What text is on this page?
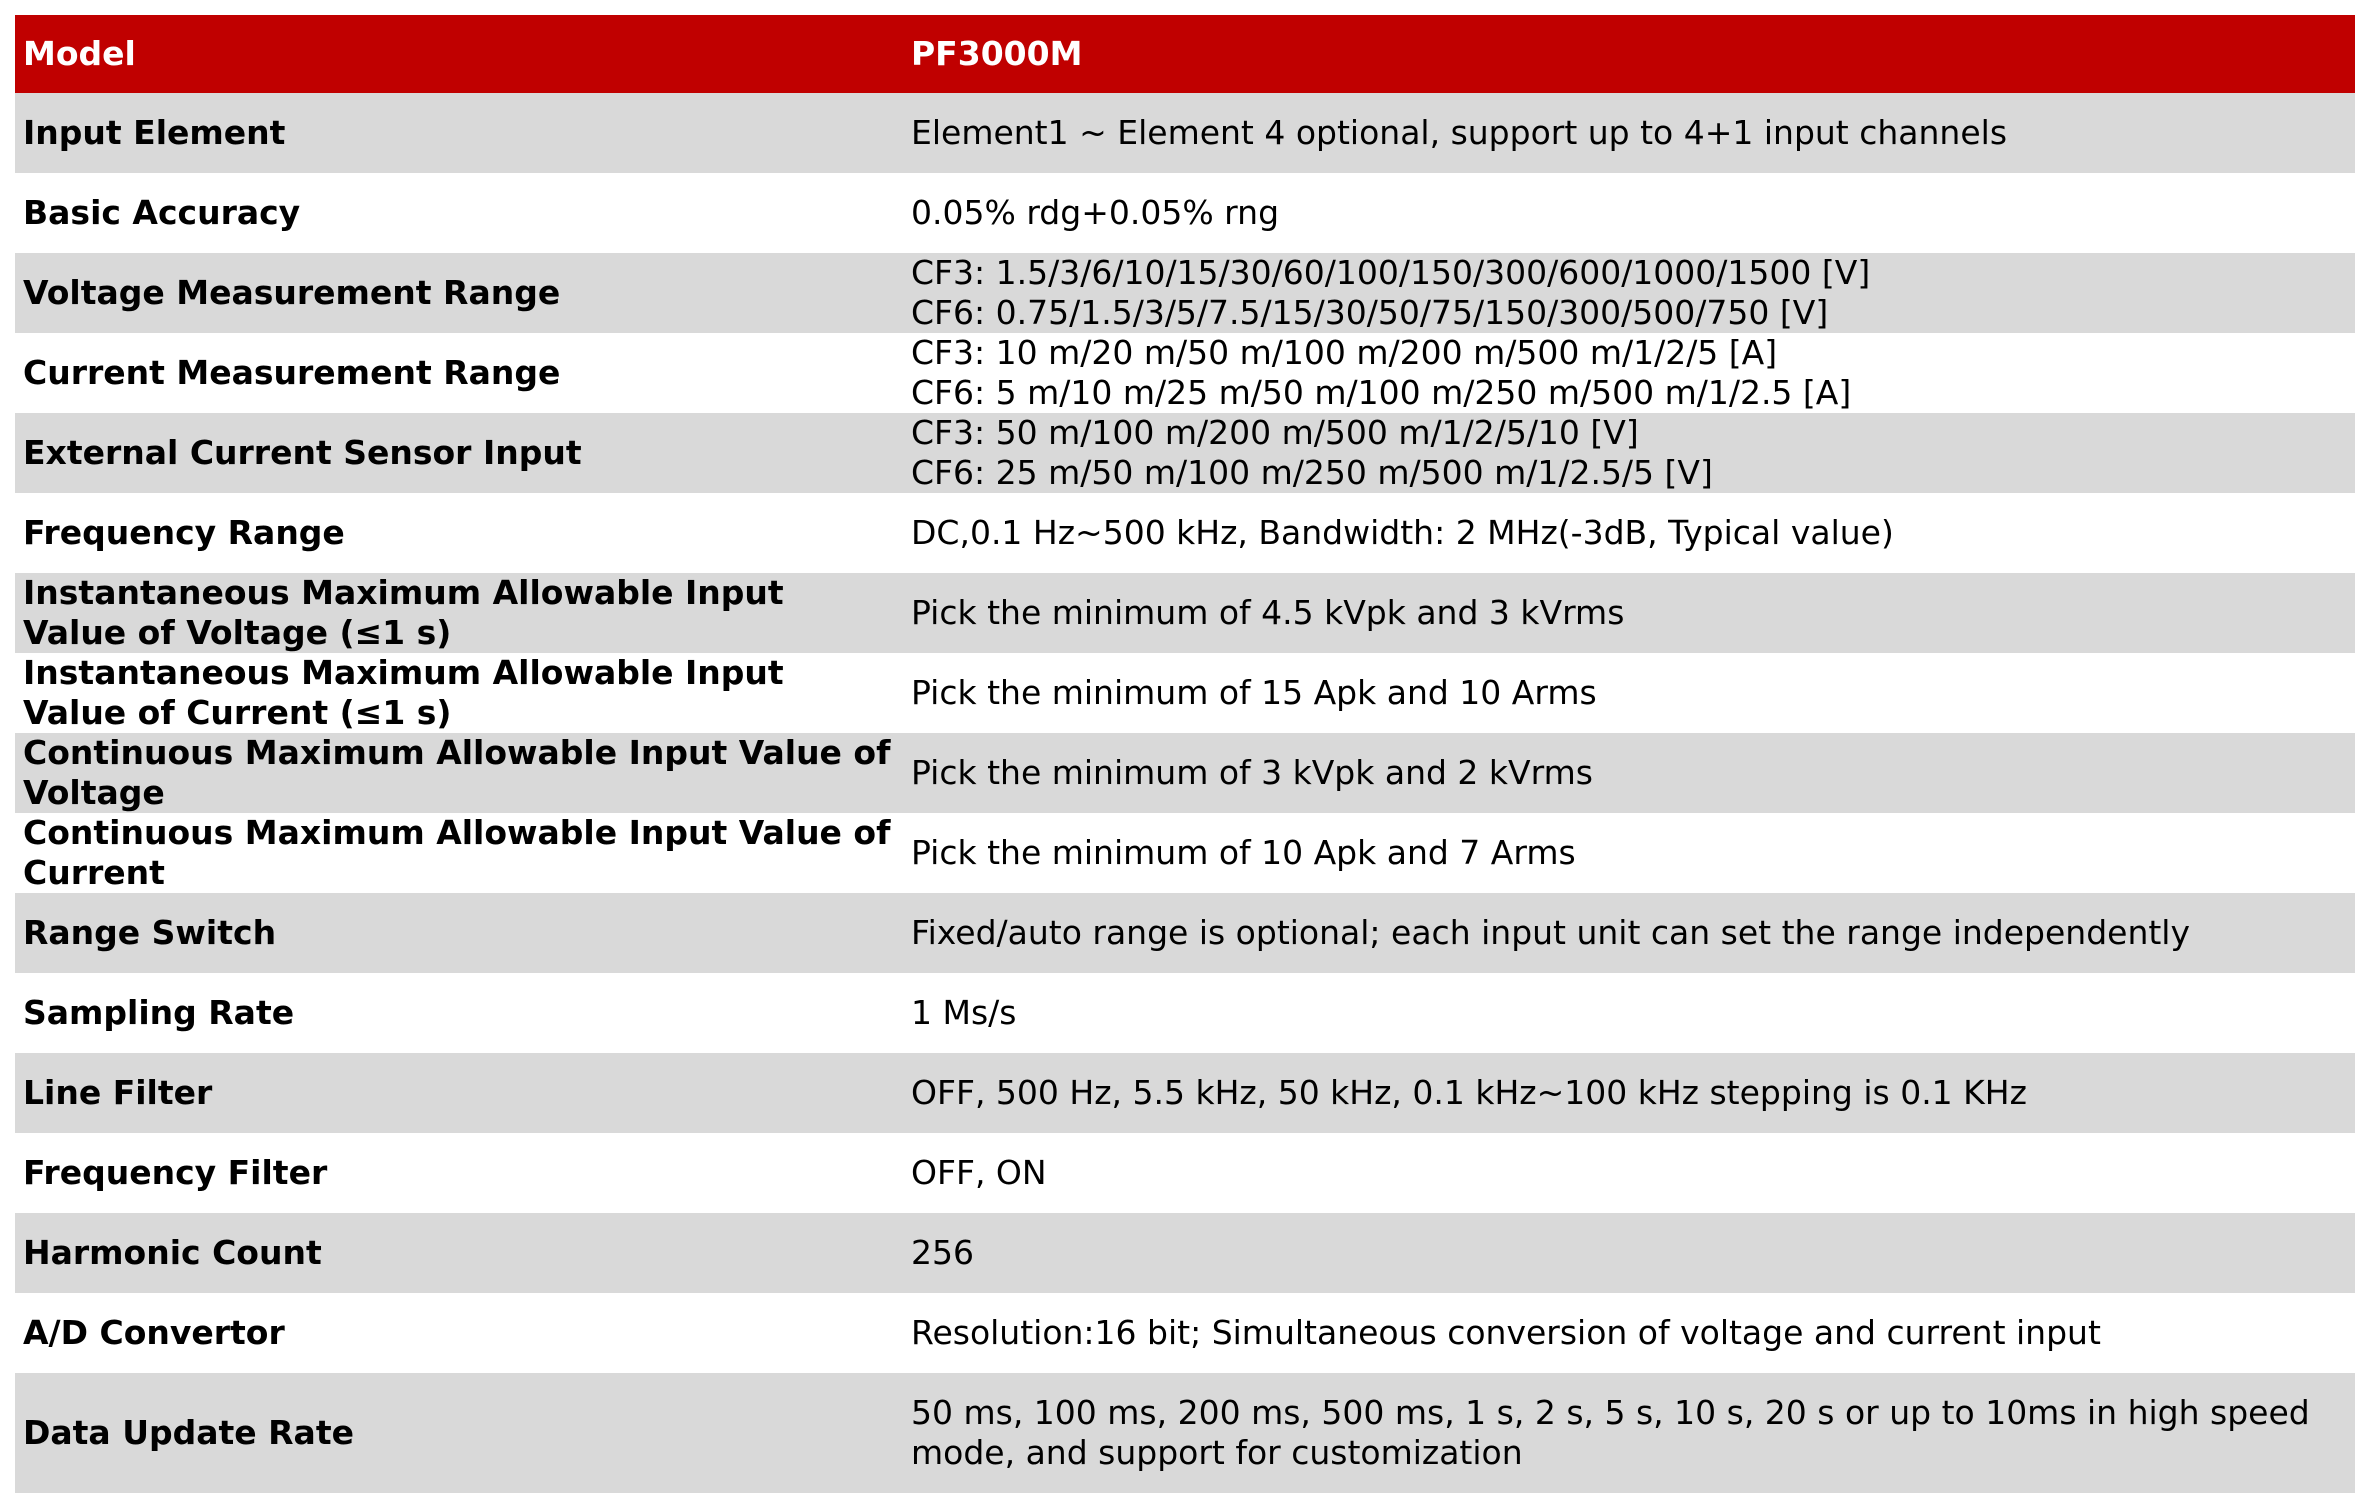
Model	PF3000M
Input Element	Element1 ~ Element 4 optional, support up to 4+1 input channels

Basic Accuracy	0.05% rdg+0.05% rng

Voltage Measurement Range	CF3: 1.5/3/6/10/15/30/60/100/150/300/600/1000/1500 [V]
CF6: 0.75/1.5/3/5/7.5/15/30/50/75/150/300/500/750 [V]

Current Measurement Range	CF3: 10 m/20 m/50 m/100 m/200 m/500 m/1/2/5 [A]
CF6: 5 m/10 m/25 m/50 m/100 m/250 m/500 m/1/2.5 [A]

External Current Sensor Input	CF3: 50 m/100 m/200 m/500 m/1/2/5/10 [V]
CF6: 25 m/50 m/100 m/250 m/500 m/1/2.5/5 [V]

Frequency Range	DC,0.1 Hz~500 kHz, Bandwidth: 2 MHz(-3dB, Typical value)

Instantaneous Maximum Allowable Input Value of Voltage (≤1 s)	Pick the minimum of 4.5 kVpk and 3 kVrms

Instantaneous Maximum Allowable Input Value of Current (≤1 s)	Pick the minimum of 15 Apk and 10 Arms

Continuous Maximum Allowable Input Value of Voltage	Pick the minimum of 3 kVpk and 2 kVrms

Continuous Maximum Allowable Input Value of Current	Pick the minimum of 10 Apk and 7 Arms

Range Switch	Fixed/auto range is optional; each input unit can set the range independently

Sampling Rate	1 Ms/s

Line Filter	OFF, 500 Hz, 5.5 kHz, 50 kHz, 0.1 kHz~100 kHz stepping is 0.1 KHz

Frequency Filter	OFF, ON

Harmonic Count	256

A/D Convertor	Resolution:16 bit; Simultaneous conversion of voltage and current input

Data Update Rate	50 ms, 100 ms, 200 ms, 500 ms, 1 s, 2 s, 5 s, 10 s, 20 s or up to 10ms in high speed mode, and support for customization
